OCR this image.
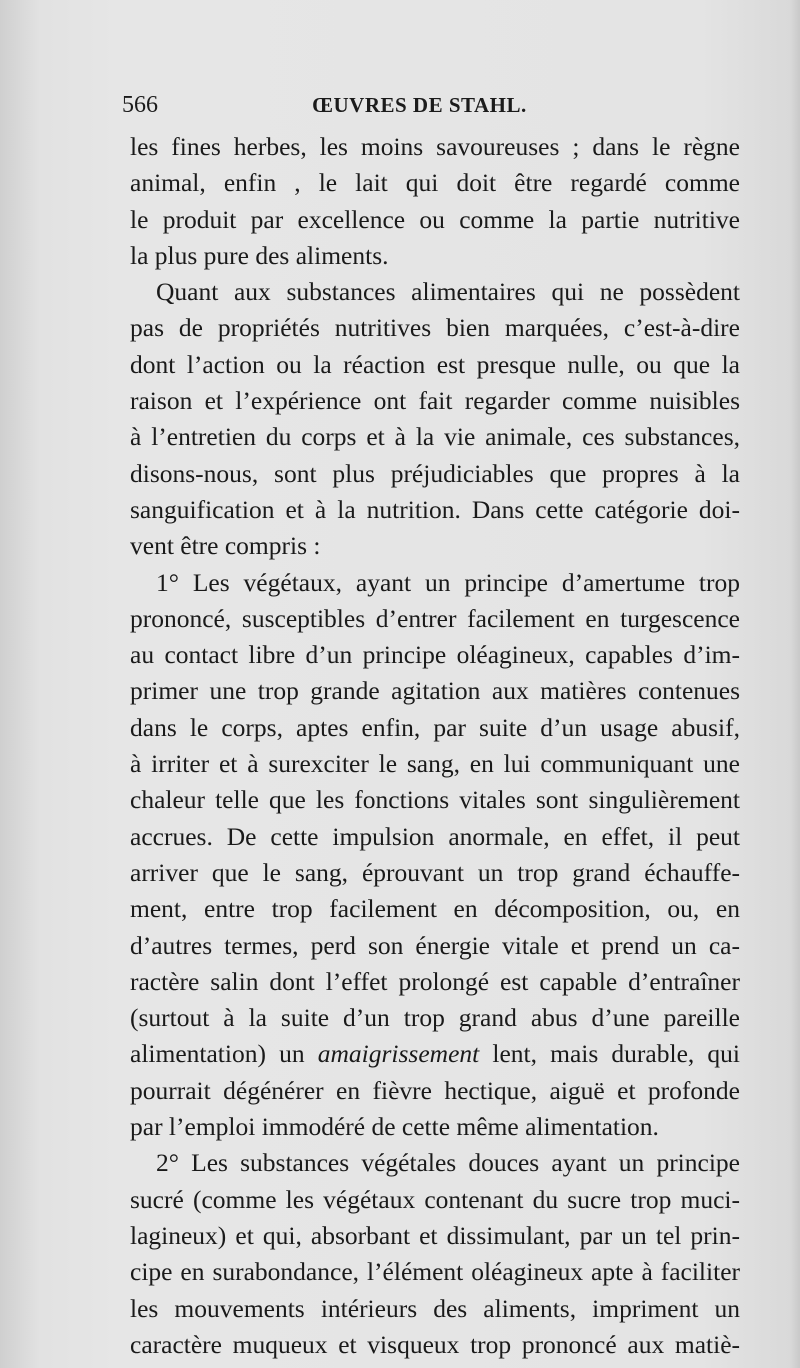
566	ŒUVRES DE STAHL.
les fines herbes, les moins savoureuses ; dans le règne
animal, enfin , le lait qui doit être regardé comme
le produit par excellence ou comme la partie nutritive
la plus pure des aliments.
Quant aux substances alimentaires qui ne possèdent
pas de propriétés nutritives bien marquées, c’est-à-dire
dont l’action ou la réaction est presque nulle, ou que la
raison et l’expérience ont fait regarder comme nuisibles
à l’entretien du corps et à la vie animale, ces substances,
disons-nous, sont plus préjudiciables que propres à la
sanguification et à la nutrition. Dans cette catégorie doi-
vent être compris :
1° Les végétaux, ayant un principe d’amertume trop
prononcé, susceptibles d’entrer facilement en turgescence
au contact libre d’un principe oléagineux, capables d’im-
primer une trop grande agitation aux matières contenues
dans le corps, aptes enfin, par suite d’un usage abusif,
à irriter et à surexciter le sang, en lui communiquant une
chaleur telle que les fonctions vitales sont singulièrement
accrues. De cette impulsion anormale, en effet, il peut
arriver que le sang, éprouvant un trop grand échauffe-
ment, entre trop facilement en décomposition, ou, en
d’autres termes, perd son énergie vitale et prend un ca-
ractère salin dont l’effet prolongé est capable d’entraîner
(surtout à la suite d’un trop grand abus d’une pareille
alimentation) un amaigrissement lent, mais durable, qui
pourrait dégénérer en fièvre hectique, aiguë et profonde
par l’emploi immodéré de cette même alimentation.
2° Les substances végétales douces ayant un principe
sucré (comme les végétaux contenant du sucre trop muci-
lagineux) et qui, absorbant et dissimulant, par un tel prin-
cipe en surabondance, l’élément oléagineux apte à faciliter
les mouvements intérieurs des aliments, impriment un
caractère muqueux et visqueux trop prononcé aux matiè-
